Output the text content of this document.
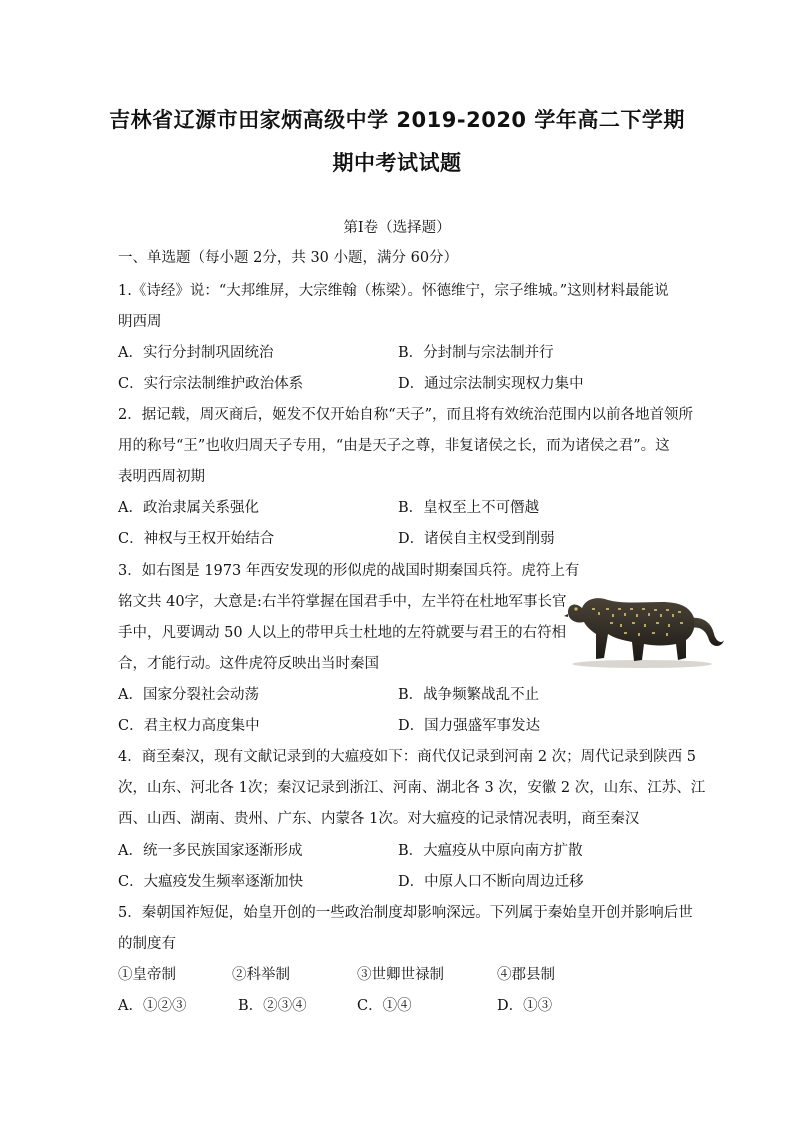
吉林省辽源市田家炳高级中学 2019-2020 学年高二下学期
期中考试试题
第Ⅰ卷（选择题）
一、单选题（每小题 2分，共 30 小题，满分 60分）
1.《诗经》说：“大邦维屏，大宗维翰（栋梁）。怀德维宁，宗子维城。”这则材料最能说
明西周
A．实行分封制巩固统治	B．分封制与宗法制并行
C．实行宗法制维护政治体系	D．通过宗法制实现权力集中
2．据记载，周灭商后，姬发不仅开始自称“天子”，而且将有效统治范围内以前各地首领所
用的称号“王”也收归周天子专用，“由是天子之尊，非复诸侯之长，而为诸侯之君”。这
表明西周初期
A．政治隶属关系强化	B．皇权至上不可僭越
C．神权与王权开始结合	D．诸侯自主权受到削弱
3．如右图是 1973 年西安发现的形似虎的战国时期秦国兵符。虎符上有
铭文共 40字，大意是:右半符掌握在国君手中，左半符在杜地军事长官
手中，凡要调动 50 人以上的带甲兵士杜地的左符就要与君王的右符相
合，才能行动。这件虎符反映出当时秦国
A．国家分裂社会动荡	B．战争频繁战乱不止
C．君主权力高度集中	D．国力强盛军事发达
4．商至秦汉，现有文献记录到的大瘟疫如下：商代仅记录到河南 2 次；周代记录到陕西 5
次，山东、河北各 1次；秦汉记录到浙江、河南、湖北各 3 次，安徽 2 次，山东、江苏、江
西、山西、湖南、贵州、广东、内蒙各 1次。对大瘟疫的记录情况表明，商至秦汉
A．统一多民族国家逐渐形成	B．大瘟疫从中原向南方扩散
C．大瘟疫发生频率逐渐加快	D．中原人口不断向周边迁移
5．秦朝国祚短促，始皇开创的一些政治制度却影响深远。下列属于秦始皇开创并影响后世
的制度有
①皇帝制	②科举制	③世卿世禄制	④郡县制
A．①②③	B．②③④	C．①④	D．①③
